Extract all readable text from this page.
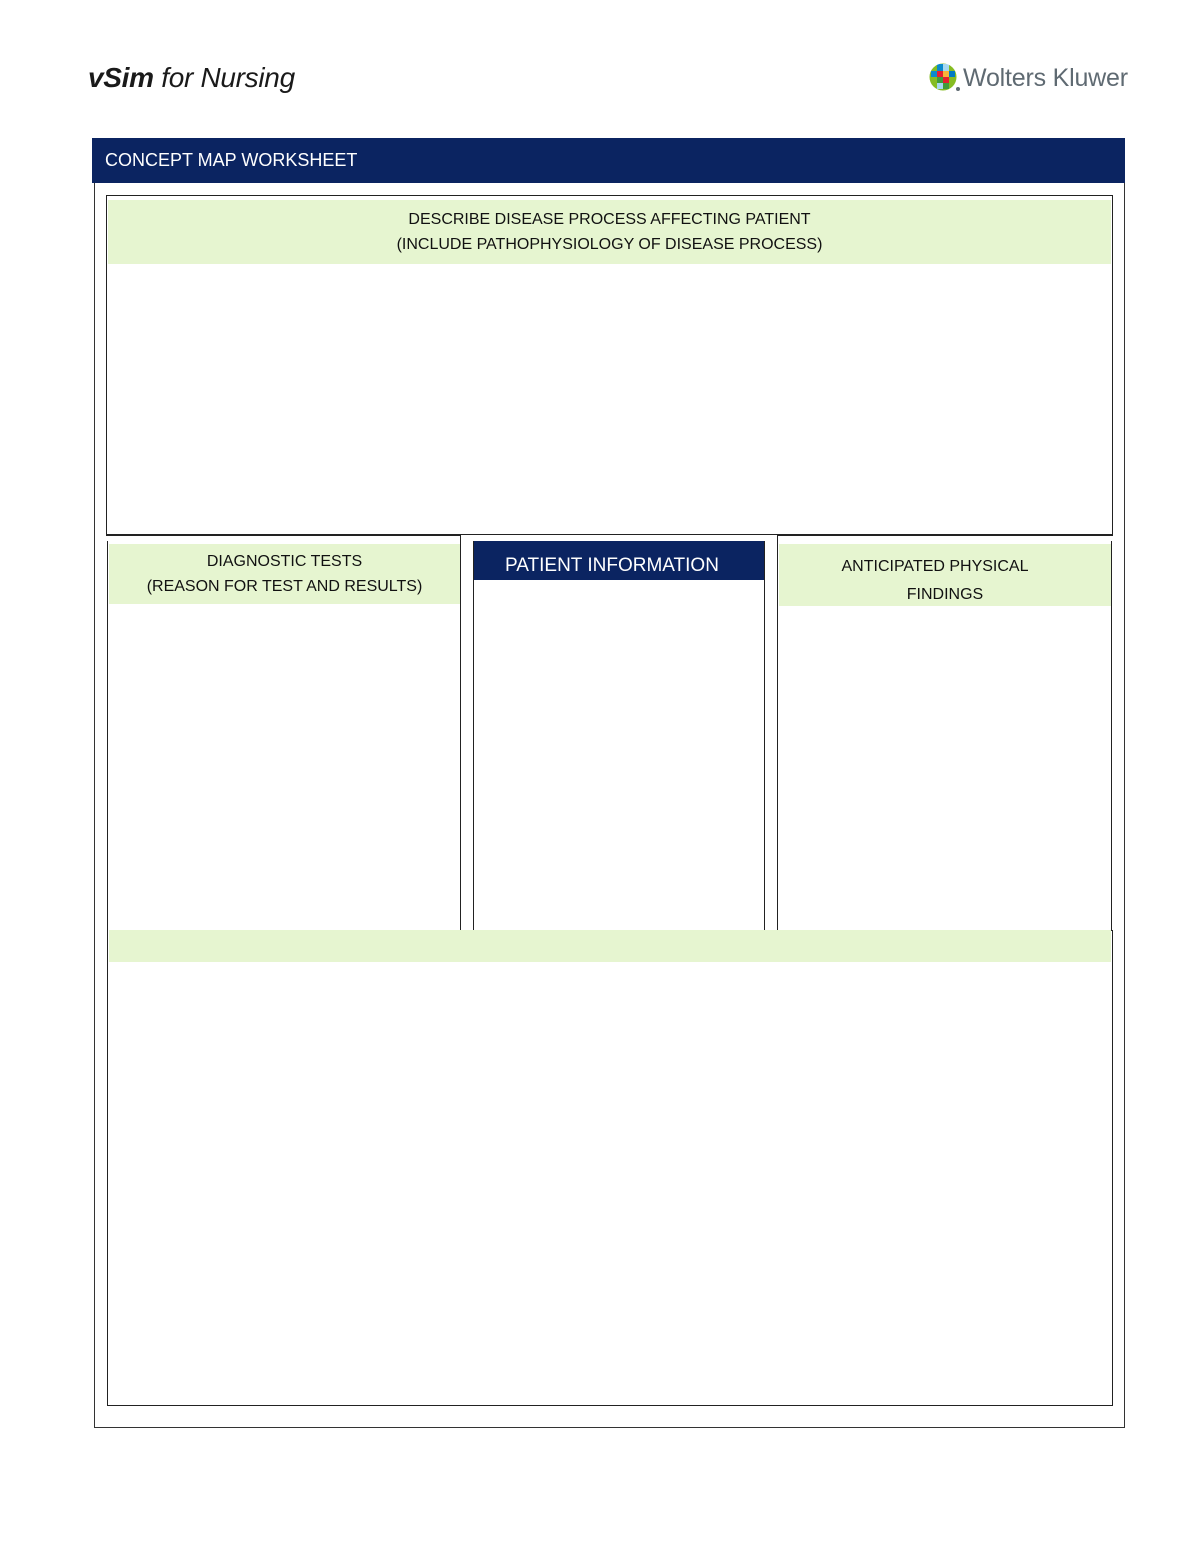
vSim for Nursing	Wolters Kluwer
CONCEPT MAP WORKSHEET
DESCRIBE DISEASE PROCESS AFFECTING PATIENT
(INCLUDE PATHOPHYSIOLOGY OF DISEASE PROCESS)
DIAGNOSTIC TESTS
(REASON FOR TEST AND RESULTS)
PATIENT INFORMATION	ANTICIPATED PHYSICAL
FINDINGS
